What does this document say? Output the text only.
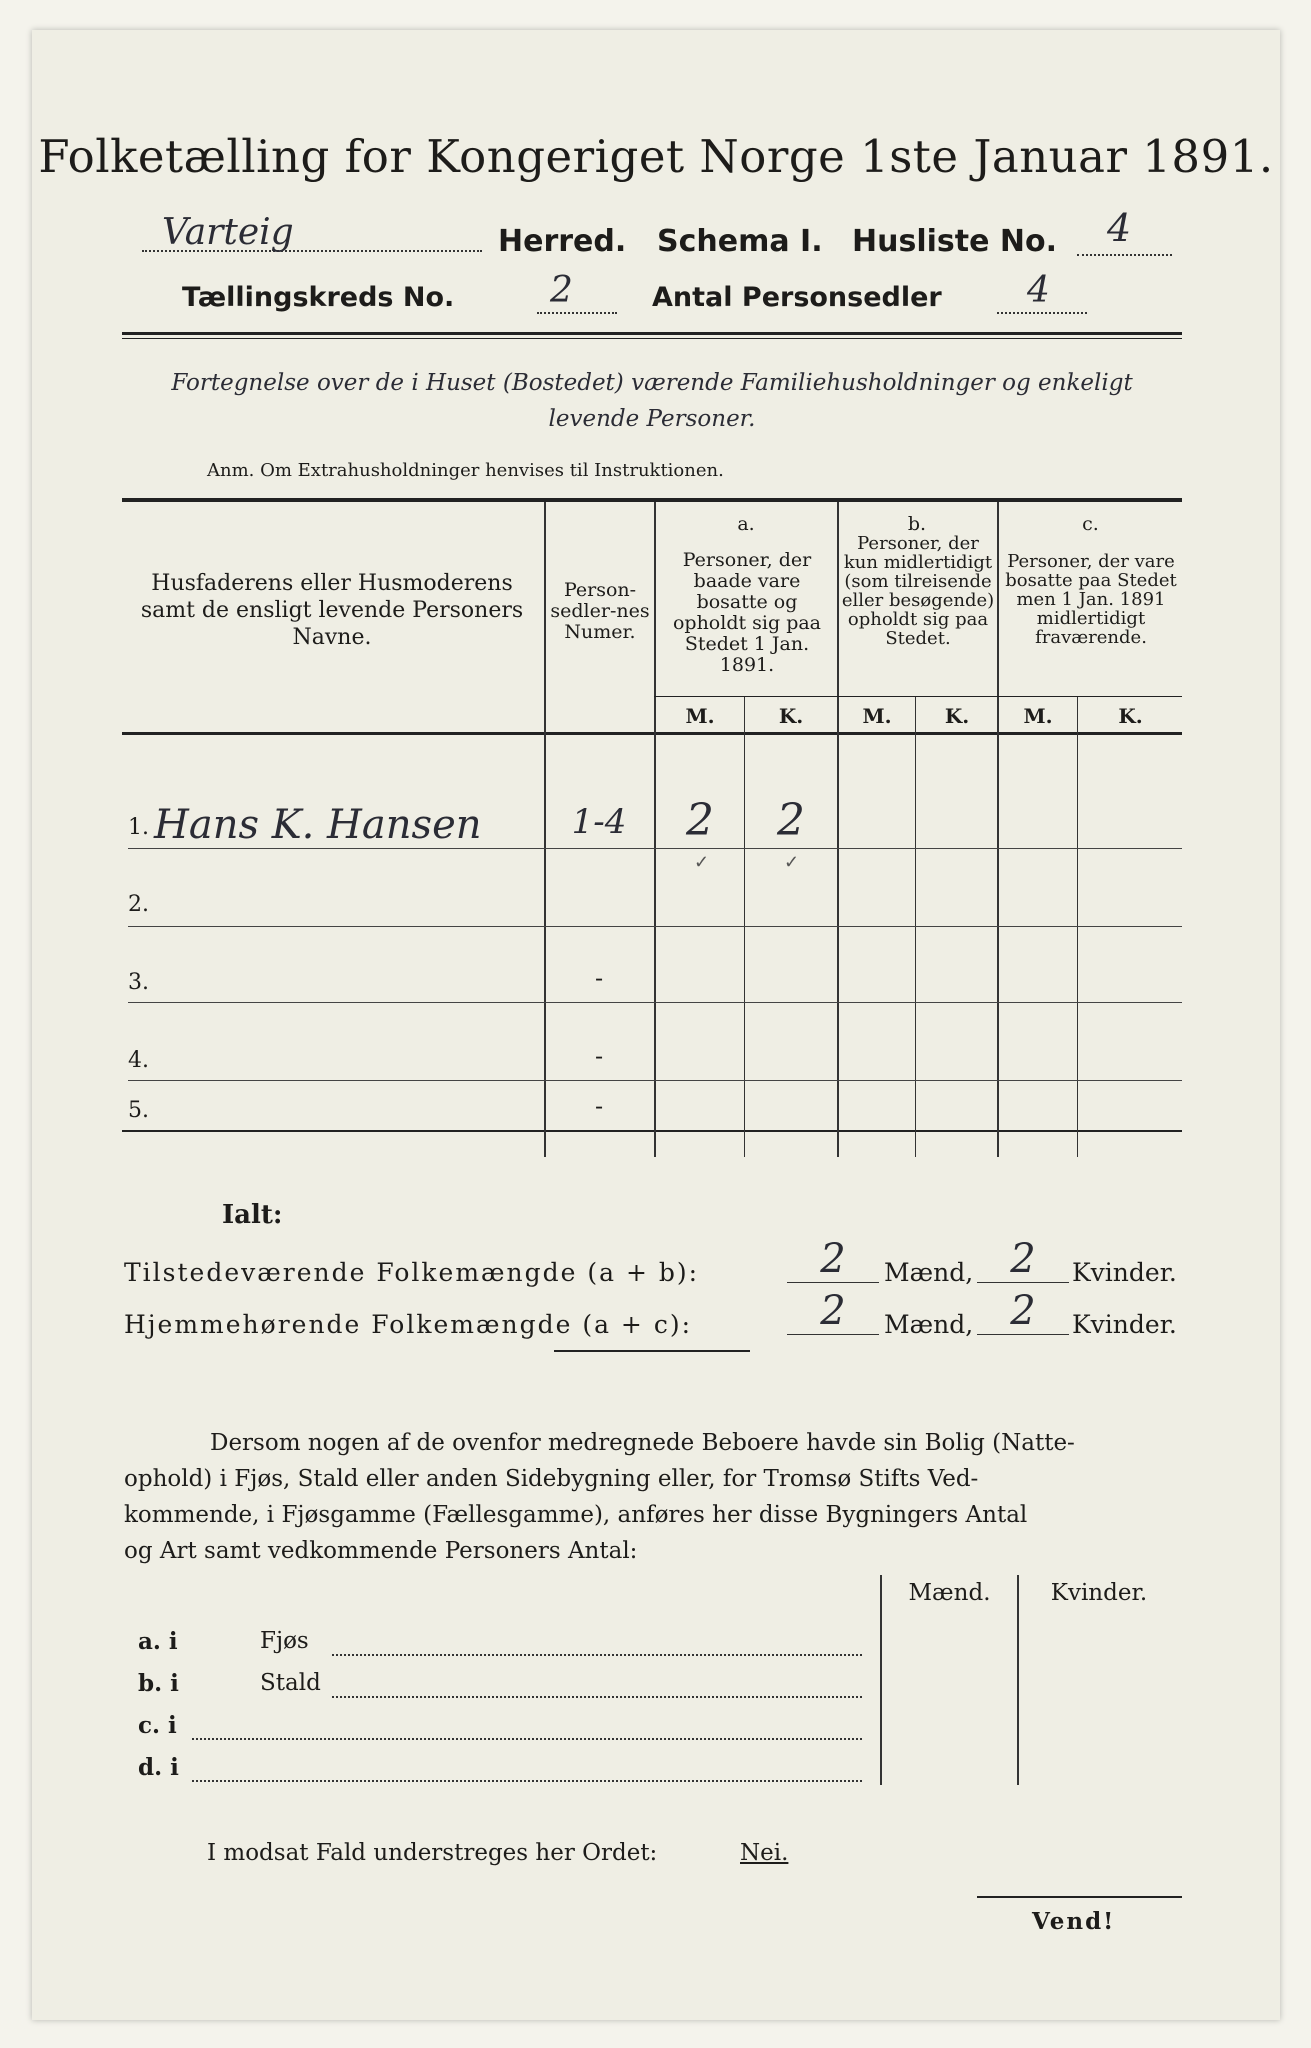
Folketælling for Kongeriget Norge 1ste Januar 1891.
Varteig	Herred. Schema I. Husliste No. 4
Tællingskreds No.	2	Antal Personsedler 4
Fortegnelse over de i Huset (Bostedet) værende Familiehusholdninger og enkeligt
levende Personer.
Anm. Om Extrahusholdninger henvises til Instruktionen.
Husfaderens eller Husmoderens samt de ensligt levende Personers Navne.
Person-sedler-nes Numer.
a.
Personer, der baade vare bosatte og opholdt sig paa Stedet 1 Jan. 1891.
b.
Personer, der kun midlertidigt (som tilreisende eller besøgende) opholdt sig paa Stedet.
c.
Personer, der vare bosatte paa Stedet men 1 Jan. 1891 midlertidigt fraværende.
M.	K.	M.	K.	M.	K.
1. Hans K. Hansen	1-4	2	2
✓	✓
2.
3.	-
4.	-
5.	-
Ialt:
Tilstedeværende Folkemængde (a + b):	2	Mænd, 2	Kvinder.
Hjemmehørende Folkemængde (a + c):	2	Mænd, 2	Kvinder.
Dersom nogen af de ovenfor medregnede Beboere havde sin Bolig (Natte-
ophold) i Fjøs, Stald eller anden Sidebygning eller, for Tromsø Stifts Ved-
kommende, i Fjøsgamme (Fællesgamme), anføres her disse Bygningers Antal
og Art samt vedkommende Personers Antal:
Mænd.	Kvinder.
a. i	Fjøs
b. i	Stald
c. i
d. i
I modsat Fald understreges her Ordet:	Nei.
Vend!
